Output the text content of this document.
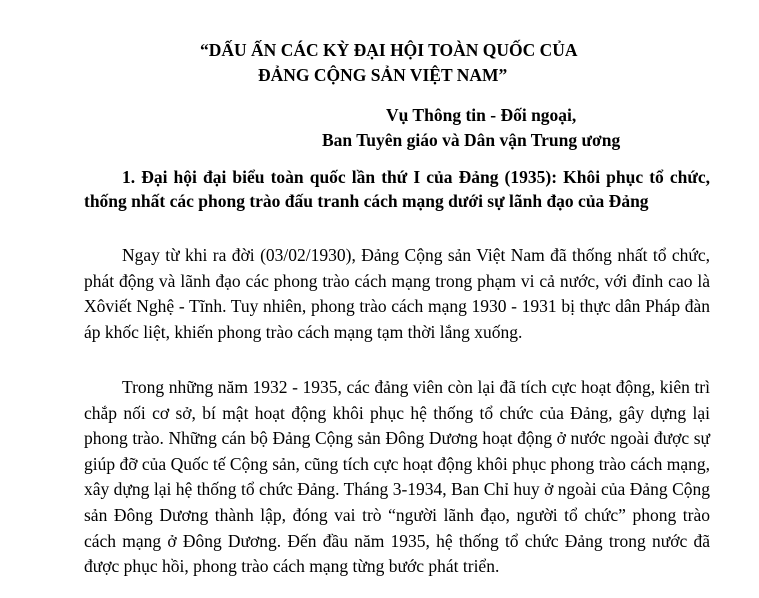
“DẤU ẤN CÁC KỲ ĐẠI HỘI TOÀN QUỐC CỦA
ĐẢNG CỘNG SẢN VIỆT NAM”
Vụ Thông tin - Đối ngoại,
Ban Tuyên giáo và Dân vận Trung ương
1. Đại hội đại biểu toàn quốc lần thứ I của Đảng (1935): Khôi phục tổ chức, thống nhất các phong trào đấu tranh cách mạng dưới sự lãnh đạo của Đảng

Ngay từ khi ra đời (03/02/1930), Đảng Cộng sản Việt Nam đã thống nhất tổ chức, phát động và lãnh đạo các phong trào cách mạng trong phạm vi cả nước, với đỉnh cao là Xôviết Nghệ - Tĩnh. Tuy nhiên, phong trào cách mạng 1930 - 1931 bị thực dân Pháp đàn áp khốc liệt, khiến phong trào cách mạng tạm thời lắng xuống.

Trong những năm 1932 - 1935, các đảng viên còn lại đã tích cực hoạt động, kiên trì chắp nối cơ sở, bí mật hoạt động khôi phục hệ thống tổ chức của Đảng, gây dựng lại phong trào. Những cán bộ Đảng Cộng sản Đông Dương hoạt động ở nước ngoài được sự giúp đỡ của Quốc tế Cộng sản, cũng tích cực hoạt động khôi phục phong trào cách mạng, xây dựng lại hệ thống tổ chức Đảng. Tháng 3-1934, Ban Chỉ huy ở ngoài của Đảng Cộng sản Đông Dương thành lập, đóng vai trò “người lãnh đạo, người tổ chức” phong trào cách mạng ở Đông Dương. Đến đầu năm 1935, hệ thống tổ chức Đảng trong nước đã được phục hồi, phong trào cách mạng từng bước phát triển.
